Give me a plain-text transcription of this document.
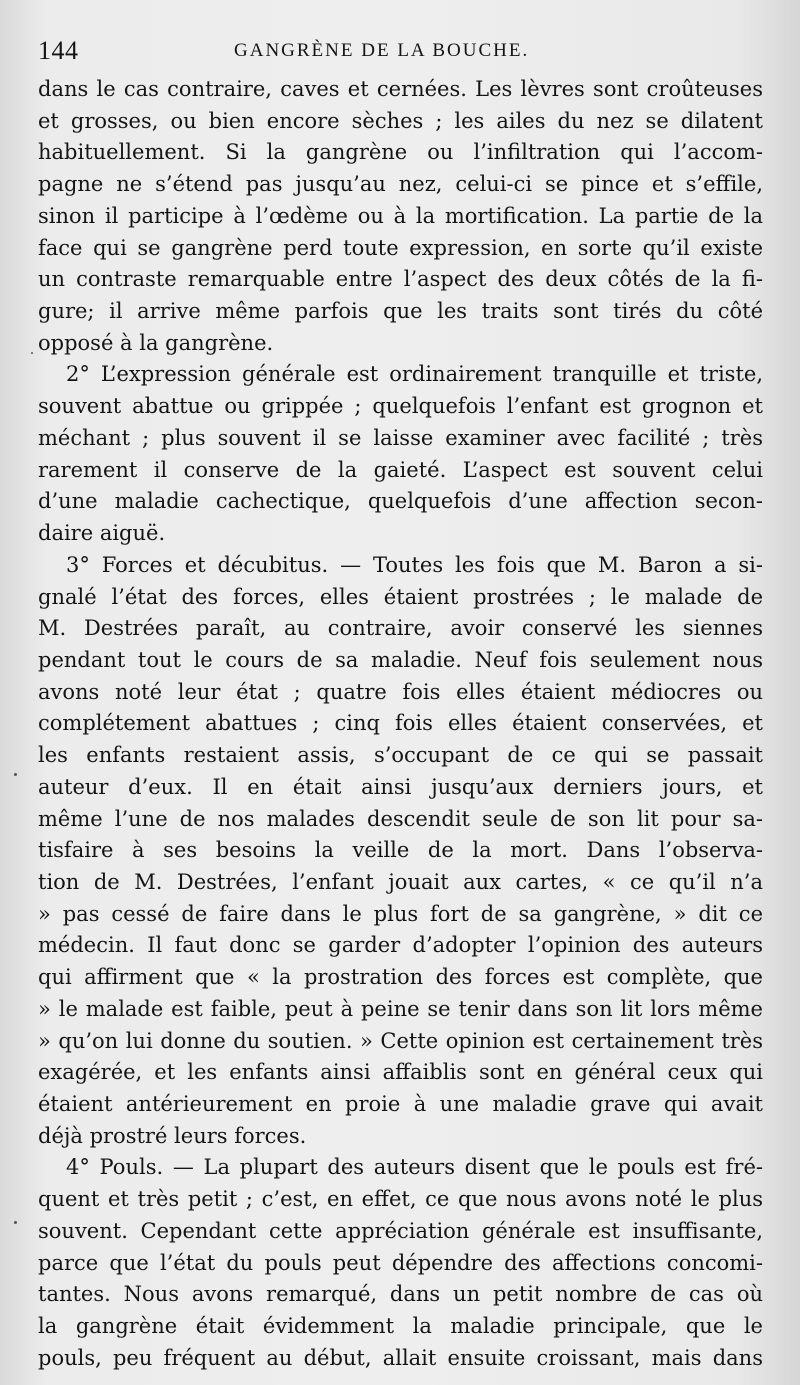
144	GANGRÈNE DE LA BOUCHE.
dans le cas contraire, caves et cernées. Les lèvres sont croûteuses
et grosses, ou bien encore sèches ; les ailes du nez se dilatent
habituellement. Si la gangrène ou l’infiltration qui l’accom-
pagne ne s’étend pas jusqu’au nez, celui-ci se pince et s’effile,
sinon il participe à l’œdème ou à la mortification. La partie de la
face qui se gangrène perd toute expression, en sorte qu’il existe
un contraste remarquable entre l’aspect des deux côtés de la fi-
gure; il arrive même parfois que les traits sont tirés du côté
opposé à la gangrène.
2° L’expression générale est ordinairement tranquille et triste,
souvent abattue ou grippée ; quelquefois l’enfant est grognon et
méchant ; plus souvent il se laisse examiner avec facilité ; très
rarement il conserve de la gaieté. L’aspect est souvent celui
d’une maladie cachectique, quelquefois d’une affection secon-
daire aiguë.
3° Forces et décubitus. — Toutes les fois que M. Baron a si-
gnalé l’état des forces, elles étaient prostrées ; le malade de
M. Destrées paraît, au contraire, avoir conservé les siennes
pendant tout le cours de sa maladie. Neuf fois seulement nous
avons noté leur état ; quatre fois elles étaient médiocres ou
complétement abattues ; cinq fois elles étaient conservées, et
les enfants restaient assis, s’occupant de ce qui se passait
auteur d’eux. Il en était ainsi jusqu’aux derniers jours, et
même l’une de nos malades descendit seule de son lit pour sa-
tisfaire à ses besoins la veille de la mort. Dans l’observa-
tion de M. Destrées, l’enfant jouait aux cartes, « ce qu’il n’a
» pas cessé de faire dans le plus fort de sa gangrène, » dit ce
médecin. Il faut donc se garder d’adopter l’opinion des auteurs
qui affirment que « la prostration des forces est complète, que
» le malade est faible, peut à peine se tenir dans son lit lors même
» qu’on lui donne du soutien. » Cette opinion est certainement très
exagérée, et les enfants ainsi affaiblis sont en général ceux qui
étaient antérieurement en proie à une maladie grave qui avait
déjà prostré leurs forces.
4° Pouls. — La plupart des auteurs disent que le pouls est fré-
quent et très petit ; c’est, en effet, ce que nous avons noté le plus
souvent. Cependant cette appréciation générale est insuffisante,
parce que l’état du pouls peut dépendre des affections concomi-
tantes. Nous avons remarqué, dans un petit nombre de cas où
la gangrène était évidemment la maladie principale, que le
pouls, peu fréquent au début, allait ensuite croissant, mais dans
